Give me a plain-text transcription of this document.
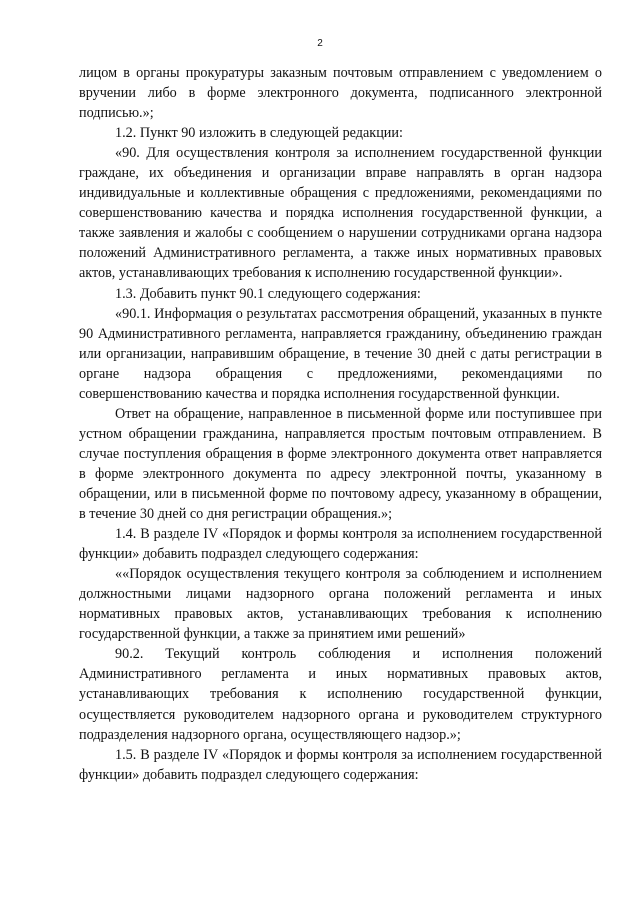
2

лицом в органы прокуратуры заказным почтовым отправлением с уведомлением о вручении либо в форме электронного документа, подписанного электронной подписью.»;

1.2. Пункт 90 изложить в следующей редакции:

«90. Для осуществления контроля за исполнением государственной функции граждане, их объединения и организации вправе направлять в орган надзора индивидуальные и коллективные обращения с предложениями, рекомендациями по совершенствованию качества и порядка исполнения государственной функции, а также заявления и жалобы с сообщением о нарушении сотрудниками органа надзора положений Административного регламента, а также иных нормативных правовых актов, устанавливающих требования к исполнению государственной функции».

1.3. Добавить пункт 90.1 следующего содержания:

«90.1. Информация о результатах рассмотрения обращений, указанных в пункте 90 Административного регламента, направляется гражданину, объединению граждан или организации, направившим обращение, в течение 30 дней с даты регистрации в органе надзора обращения с предложениями, рекомендациями по совершенствованию качества и порядка исполнения государственной функции.

Ответ на обращение, направленное в письменной форме или поступившее при устном обращении гражданина, направляется простым почтовым отправлением. В случае поступления обращения в форме электронного документа ответ направляется в форме электронного документа по адресу электронной почты, указанному в обращении, или в письменной форме по почтовому адресу, указанному в обращении, в течение 30 дней со дня регистрации обращения.»;

1.4. В разделе IV «Порядок и формы контроля за исполнением государственной функции» добавить подраздел следующего содержания:

««Порядок осуществления текущего контроля за соблюдением и исполнением должностными лицами надзорного органа положений регламента и иных нормативных правовых актов, устанавливающих требования к исполнению государственной функции, а также за принятием ими решений»

90.2. Текущий контроль соблюдения и исполнения положений Административного регламента и иных нормативных правовых актов, устанавливающих требования к исполнению государственной функции, осуществляется руководителем надзорного органа и руководителем структурного подразделения надзорного органа, осуществляющего надзор.»;

1.5. В разделе IV «Порядок и формы контроля за исполнением государственной функции» добавить подраздел следующего содержания:
